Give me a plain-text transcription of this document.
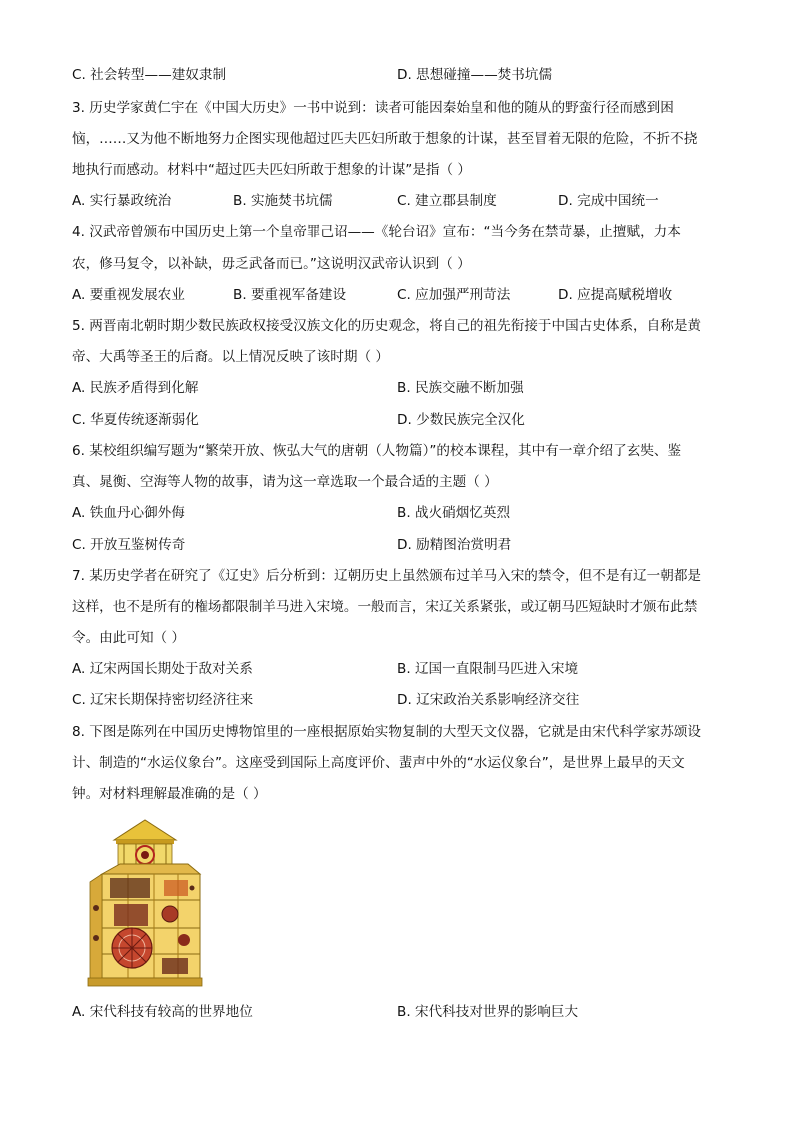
C. 社会转型——建奴隶制	D. 思想碰撞——焚书坑儒
3. 历史学家黄仁宇在《中国大历史》一书中说到：读者可能因秦始皇和他的随从的野蛮行径而感到困
恼，……又为他不断地努力企图实现他超过匹夫匹妇所敢于想象的计谋，甚至冒着无限的危险，不折不挠
地执行而感动。材料中“超过匹夫匹妇所敢于想象的计谋”是指（ ）
A. 实行暴政统治	B. 实施焚书坑儒	C. 建立郡县制度	D. 完成中国统一
4. 汉武帝曾颁布中国历史上第一个皇帝罪己诏——《轮台诏》宣布：“当今务在禁苛暴，止擅赋，力本
农，修马复令，以补缺，毋乏武备而已。”这说明汉武帝认识到（ ）
A. 要重视发展农业	B. 要重视军备建设	C. 应加强严刑苛法	D. 应提高赋税增收
5. 两晋南北朝时期少数民族政权接受汉族文化的历史观念，将自己的祖先衔接于中国古史体系，自称是黄
帝、大禹等圣王的后裔。以上情况反映了该时期（ ）
A. 民族矛盾得到化解	B. 民族交融不断加强
C. 华夏传统逐渐弱化	D. 少数民族完全汉化
6. 某校组织编写题为“繁荣开放、恢弘大气的唐朝（人物篇）”的校本课程，其中有一章介绍了玄奘、鉴
真、晁衡、空海等人物的故事，请为这一章选取一个最合适的主题（ ）
A. 铁血丹心御外侮	B. 战火硝烟忆英烈
C. 开放互鉴树传奇	D. 励精图治赏明君
7. 某历史学者在研究了《辽史》后分析到：辽朝历史上虽然颁布过羊马入宋的禁令，但不是有辽一朝都是
这样，也不是所有的権场都限制羊马进入宋境。一般而言，宋辽关系紧张，或辽朝马匹短缺时才颁布此禁
令。由此可知（ ）
A. 辽宋两国长期处于敌对关系	B. 辽国一直限制马匹进入宋境
C. 辽宋长期保持密切经济往来	D. 辽宋政治关系影响经济交往
8. 下图是陈列在中国历史博物馆里的一座根据原始实物复制的大型天文仪器，它就是由宋代科学家苏颂设
计、制造的“水运仪象台”。这座受到国际上高度评价、蜚声中外的“水运仪象台”，是世界上最早的天文
钟。对材料理解最准确的是（ ）
A. 宋代科技有较高的世界地位	B. 宋代科技对世界的影响巨大
